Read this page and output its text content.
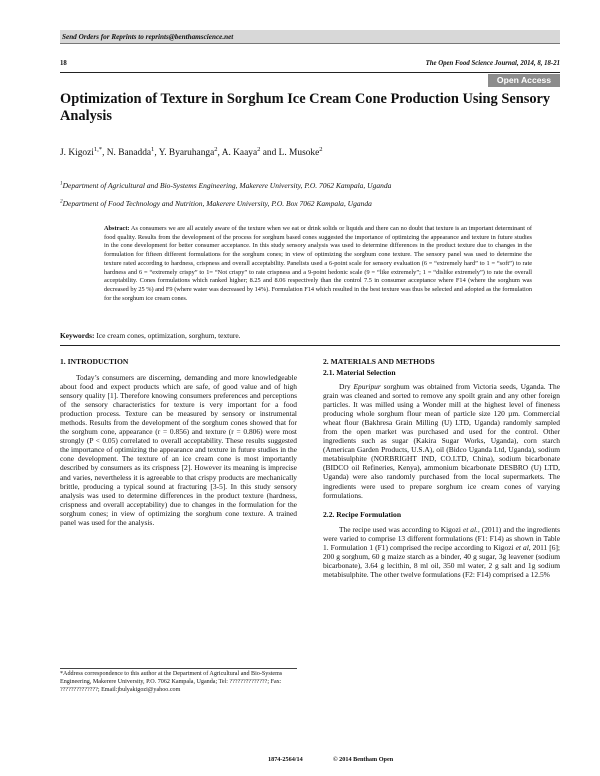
Send Orders for Reprints to reprints@benthamscience.net
18	The Open Food Science Journal, 2014, 8, 18-21
Open Access
Optimization of Texture in Sorghum Ice Cream Cone Production Using Sensory Analysis
J. Kigozi$^{1,*}$, N. Banadda$^1$, Y. Byaruhanga$^2$, A. Kaaya$^2$ and L. Musoke$^2$
$^1$Department of Agricultural and Bio-Systems Engineering, Makerere University, P.O. 7062 Kampala, Uganda
$^2$Department of Food Technology and Nutrition, Makerere University, P.O. Box 7062 Kampala, Uganda

Abstract: As consumers we are all acutely aware of the texture when we eat or drink solids or liquids and there can no doubt that texture is an important determinant of food quality. Results from the development of the process for sorghum based cones suggested the importance of optimizing the appearance and texture in future studies in the cone development for better consumer acceptance. In this study sensory analysis was used to determine differences in the product texture due to changes in the formulation for fifteen different formulations for the sorghum cones; in view of optimizing the sorghum cone texture. The sensory panel was used to determine the texture rated according to hardness, crispness and overall acceptability. Panelists used a 6-point scale for sensory evaluation (6 = “extremely hard” to 1 = “soft”) to rate hardness and 6 = “extremely crispy” to 1= “Not crispy” to rate crispness and a 9-point hedonic scale (9 = “like extremely”; 1 = “dislike extremely”) to rate the overall acceptability. Cones formulations which ranked higher; 8.25 and 8.06 respectively than the control 7.5 in consumer acceptance where F14 (where the sorghum was decreased by 25 %) and F9 (where water was decreased by 14%). Formulation F14 which resulted in the best texture was thus be selected and adopted as the formulation for the sorghum ice cream cones.

Keywords: Ice cream cones, optimization, sorghum, texture.
1. INTRODUCTION

Today’s consumers are discerning, demanding and more knowledgeable about food and expect products which are safe, of good value and of high sensory quality [1]. Therefore knowing consumers preferences and perceptions of the sensory characteristics for texture is very important for a food production process. Texture can be measured by sensory or instrumental methods. Results from the development of the sorghum cones showed that for the sorghum cone, appearance (r = 0.856) and texture (r = 0.806) were most strongly (P < 0.05) correlated to overall acceptability. These results suggested the importance of optimizing the appearance and texture in future studies in the cone development. The texture of an ice cream cone is most importantly described by consumers as its crispness [2]. However its meaning is imprecise and varies, nevertheless it is agreeable to that crispy products are mechanically brittle, producing a typical sound at fracturing [3-5]. In this study sensory analysis was used to determine differences in the product texture (hardness, crispness and overall acceptability) due to changes in the formulation for the sorghum cones; in view of optimizing the sorghum cone texture. A trained panel was used for the analysis.

*Address correspondence to this author at the Department of Agricultural and Bio-Systems Engineering, Makerere University, P.O. 7062 Kampala, Uganda; Tel: ??????????????; Fax: ??????????????; Email:jbulyakigozi@yahoo.com

2. MATERIALS AND METHODS
2.1. Material Selection

Dry Epuripur sorghum was obtained from Victoria seeds, Uganda. The grain was cleaned and sorted to remove any spoilt grain and any other foreign particles. It was milled using a Wonder mill at the highest level of fineness producing whole sorghum flour mean of particle size 120 µm. Commercial wheat flour (Bakhresa Grain Milling (U) LTD, Uganda) randomly sampled from the open market was purchased and used for the control. Other ingredients such as sugar (Kakira Sugar Works, Uganda), corn starch (American Garden Products, U.S.A), oil (Bidco Uganda Ltd, Uganda), sodium metabisulphite (NORBRIGHT IND, CO.LTD, China), sodium bicarbonate (BIDCO oil Refineries, Kenya), ammonium bicarbonate DESBRO (U) LTD, Uganda) were also randomly purchased from the local supermarkets. The ingredients were used to prepare sorghum ice cream cones of varying formulations.

2.2. Recipe Formulation

The recipe used was according to Kigozi et al., (2011) and the ingredients were varied to comprise 13 different formulations (F1: F14) as shown in Table 1. Formulation 1 (F1) comprised the recipe according to Kigozi et al, 2011 [6]; 200 g sorghum, 60 g maize starch as a binder, 40 g sugar, 3g leavener (sodium bicarbonate), 3.64 g lecithin, 8 ml oil, 350 ml water, 2 g salt and 1g sodium metabisulphite. The other twelve formulations (F2: F14) comprised a 12.5%

1874-2564/14	© 2014 Bentham Open
